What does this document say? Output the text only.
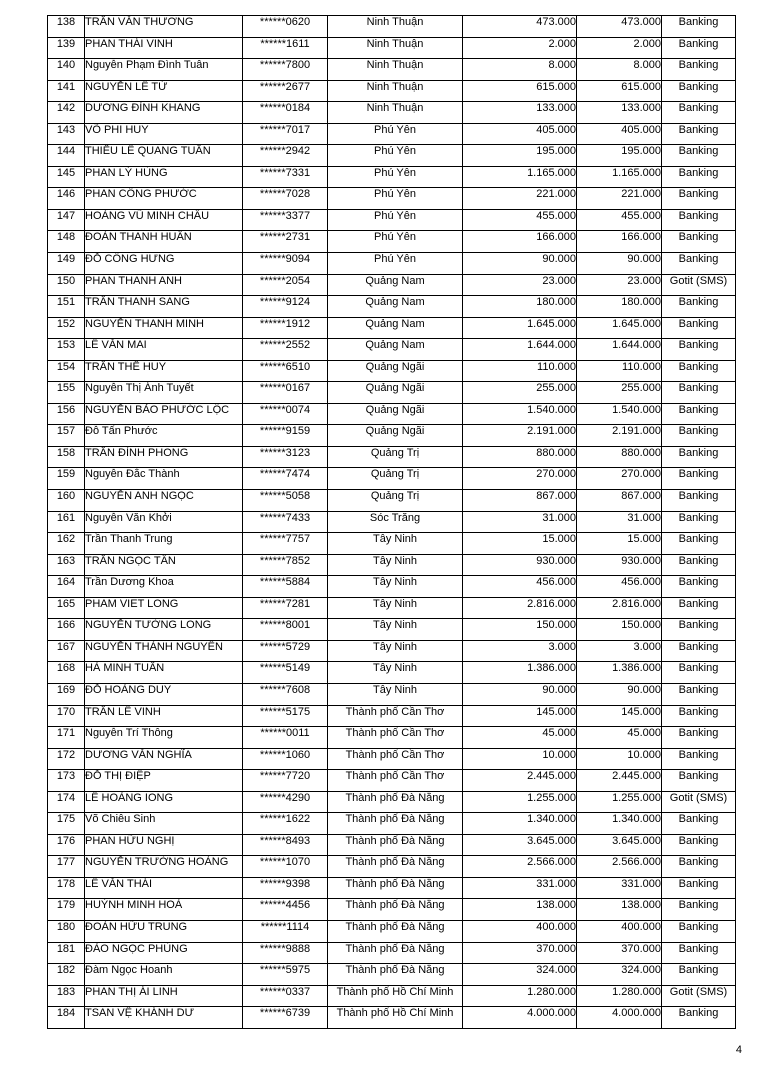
138	TRẦN VĂN THƯƠNG	******0620	Ninh Thuận	473.000	473.000	Banking
139	PHAN THÁI VINH	******1611	Ninh Thuận	2.000	2.000	Banking
140	Nguyễn Phạm Đình Tuân	******7800	Ninh Thuận	8.000	8.000	Banking
141	NGUYỄN LÊ TỬ	******2677	Ninh Thuận	615.000	615.000	Banking
142	DƯƠNG ĐÌNH KHANG	******0184	Ninh Thuận	133.000	133.000	Banking
143	VÕ PHI HUY	******7017	Phú Yên	405.000	405.000	Banking
144	THIỀU LÊ QUANG TUẤN	******2942	Phú Yên	195.000	195.000	Banking
145	PHAN LÝ HÙNG	******7331	Phú Yên	1.165.000	1.165.000	Banking
146	PHAN CÔNG PHƯỚC	******7028	Phú Yên	221.000	221.000	Banking
147	HOÀNG VŨ MINH CHÂU	******3377	Phú Yên	455.000	455.000	Banking
148	ĐOÀN THANH HUÂN	******2731	Phú Yên	166.000	166.000	Banking
149	ĐỖ CÔNG HƯNG	******9094	Phú Yên	90.000	90.000	Banking
150	PHAN THANH ANH	******2054	Quảng Nam	23.000	23.000	Gotit (SMS)
151	TRẦN THANH SANG	******9124	Quảng Nam	180.000	180.000	Banking
152	NGUYỄN THANH MINH	******1912	Quảng Nam	1.645.000	1.645.000	Banking
153	LÊ VĂN MAI	******2552	Quảng Nam	1.644.000	1.644.000	Banking
154	TRẦN THẾ HUY	******6510	Quảng Ngãi	110.000	110.000	Banking
155	Nguyễn Thị Ánh Tuyết	******0167	Quảng Ngãi	255.000	255.000	Banking
156	NGUYỄN BẢO PHƯỚC LỘC	******0074	Quảng Ngãi	1.540.000	1.540.000	Banking
157	Đỗ Tấn Phước	******9159	Quảng Ngãi	2.191.000	2.191.000	Banking
158	TRẦN ĐÌNH PHONG	******3123	Quảng Trị	880.000	880.000	Banking
159	Nguyễn Đắc Thành	******7474	Quảng Trị	270.000	270.000	Banking
160	NGUYỄN ANH NGỌC	******5058	Quảng Trị	867.000	867.000	Banking
161	Nguyễn Văn Khởi	******7433	Sóc Trăng	31.000	31.000	Banking
162	Trần Thanh Trung	******7757	Tây Ninh	15.000	15.000	Banking
163	TRẦN NGỌC TÂN	******7852	Tây Ninh	930.000	930.000	Banking
164	Trần Dương Khoa	******5884	Tây Ninh	456.000	456.000	Banking
165	PHAM VIET LONG	******7281	Tây Ninh	2.816.000	2.816.000	Banking
166	NGUYỄN TƯỜNG LONG	******8001	Tây Ninh	150.000	150.000	Banking
167	NGUYỄN THÀNH NGUYÊN	******5729	Tây Ninh	3.000	3.000	Banking
168	HÀ MINH TUẤN	******5149	Tây Ninh	1.386.000	1.386.000	Banking
169	ĐỖ HOÀNG DUY	******7608	Tây Ninh	90.000	90.000	Banking
170	TRẦN LÊ VINH	******5175	Thành phố Cần Thơ	145.000	145.000	Banking
171	Nguyễn Trí Thông	******0011	Thành phố Cần Thơ	45.000	45.000	Banking
172	DƯƠNG VĂN NGHĨA	******1060	Thành phố Cần Thơ	10.000	10.000	Banking
173	ĐỖ THỊ ĐIỆP	******7720	Thành phố Cần Thơ	2.445.000	2.445.000	Banking
174	LÊ HOÀNG IONG	******4290	Thành phố Đà Nẵng	1.255.000	1.255.000	Gotit (SMS)
175	Võ Chiêu Sinh	******1622	Thành phố Đà Nẵng	1.340.000	1.340.000	Banking
176	PHAN HỮU NGHỊ	******8493	Thành phố Đà Nẵng	3.645.000	3.645.000	Banking
177	NGUYỄN TRƯỜNG HOÀNG	******1070	Thành phố Đà Nẵng	2.566.000	2.566.000	Banking
178	LÊ VĂN THÁI	******9398	Thành phố Đà Nẵng	331.000	331.000	Banking
179	HUỲNH MINH HOÀ	******4456	Thành phố Đà Nẵng	138.000	138.000	Banking
180	ĐOÀN HỮU TRUNG	******1114	Thành phố Đà Nẵng	400.000	400.000	Banking
181	ĐÀO NGỌC PHÙNG	******9888	Thành phố Đà Nẵng	370.000	370.000	Banking
182	Đàm Ngọc Hoanh	******5975	Thành phố Đà Nẵng	324.000	324.000	Banking
183	PHAN THỊ ÁI LINH	******0337	Thành phố Hồ Chí Minh	1.280.000	1.280.000	Gotit (SMS)
184	TSAN VỆ KHÁNH DƯ	******6739	Thành phố Hồ Chí Minh	4.000.000	4.000.000	Banking
4
